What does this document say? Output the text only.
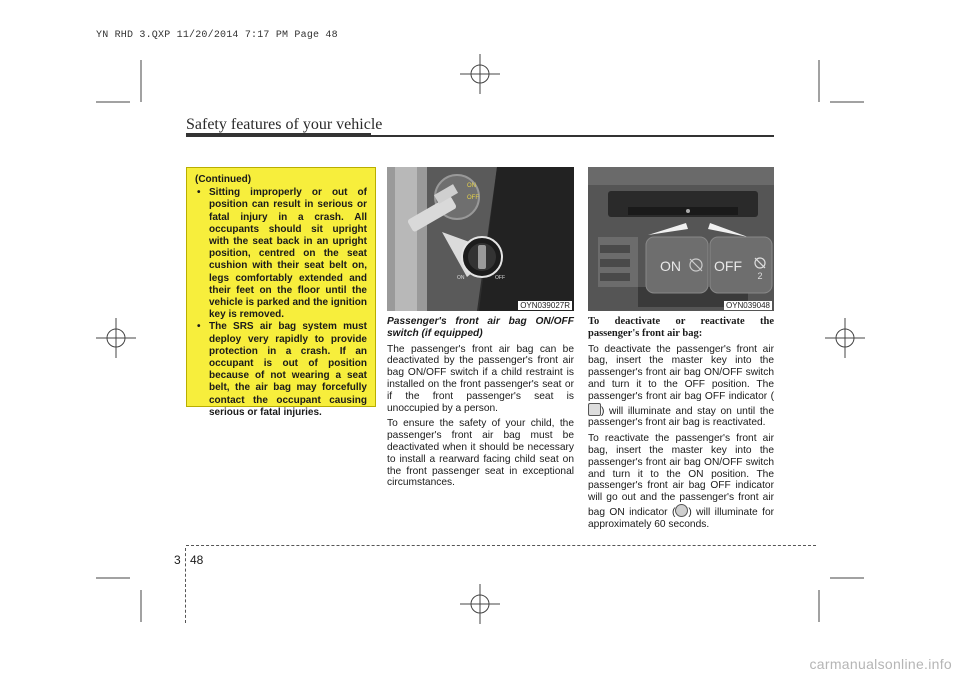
YN RHD 3.QXP 11/20/2014 7:17 PM Page 48
Safety features of your vehicle
(Continued)
• Sitting improperly or out of position can result in serious or fatal injury in a crash. All occupants should sit upright with the seat back in an upright position, centred on the seat cushion with their seat belt on, legs comfortably extended and their feet on the floor until the vehicle is parked and the ignition key is removed.
• The SRS air bag system must deploy very rapidly to provide protection in a crash. If an occupant is out of position because of not wearing a seat belt, the air bag may forcefully contact the occupant causing serious or fatal injuries.
ON
OFF
ON	OFF
OYN039027R
2
ON OFF
OYN039048

Passenger's front air bag ON/OFF switch (if equipped)

The passenger's front air bag can be deactivated by the passenger's front air bag ON/OFF switch if a child restraint is installed on the front passenger's seat or if the front passenger's seat is unoccupied by a person.

To ensure the safety of your child, the passenger's front air bag must be deactivated when it should be necessary to install a rearward facing child seat on the front passenger seat in exceptional circumstances.

To deactivate or reactivate the passenger's front air bag:

To deactivate the passenger's front air bag, insert the master key into the passenger's front air bag ON/OFF switch and turn it to the OFF position. The passenger's front air bag OFF indicator () will illuminate and stay on until the passenger's front air bag is reactivated.

To reactivate the passenger's front air bag, insert the master key into the passenger's front air bag ON/OFF switch and turn it to the ON position. The passenger's front air bag OFF indicator will go out and the passenger's front air bag ON indicator ( ) will illuminate for approximately 60 seconds.

3 48
carmanualsonline.info
